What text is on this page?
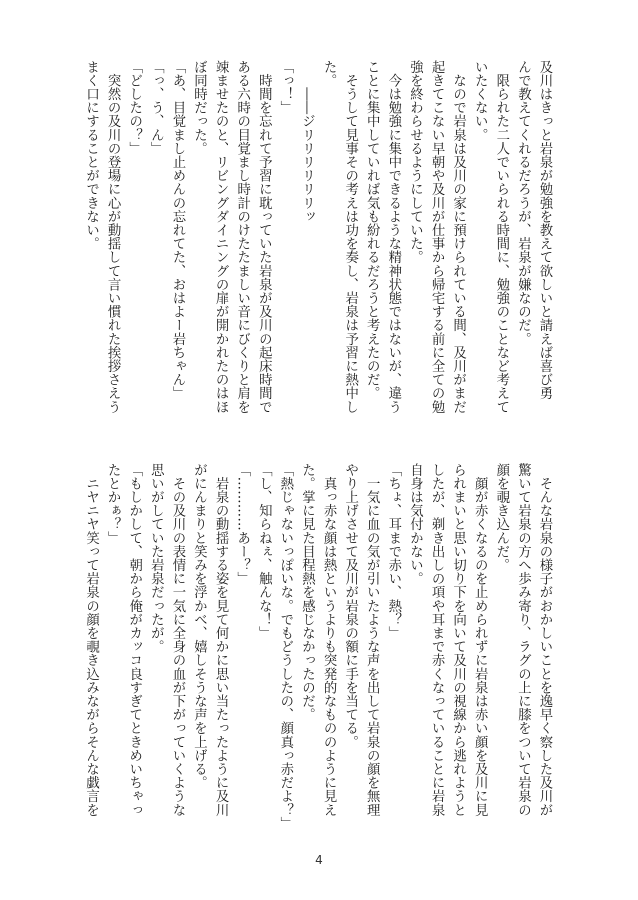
及川はきっと岩泉が勉強を教えて欲しいと請えば喜び勇

んで教えてくれるだろうが、岩泉が嫌なのだ。

　限られた二人でいられる時間に、勉強のことなど考えて

いたくない。

　なので岩泉は及川の家に預けられている間、及川がまだ

起きてこない早朝や及川が仕事から帰宅する前に全ての勉

強を終わらせるようにしていた。

　今は勉強に集中できるような精神状態ではないが、違う

ことに集中していれば気も紛れるだろうと考えたのだ。

　そうして見事その考えは功を奏し、岩泉は予習に熱中し

た。

　　――ジリリリリリリッ

「っ！」

　時間を忘れて予習に耽っていた岩泉が及川の起床時間で

ある六時の目覚まし時計のけたたましい音にびくりと肩を

竦ませたのと、リビングダイニングの扉が開かれたのはほ

ぼ同時だった。

「あ、目覚まし止めんの忘れてた、おはよー岩ちゃん」

「っ、う、ん」

「どしたの？」

　突然の及川の登場に心が動揺して言い慣れた挨拶さえう

まく口にすることができない。

　そんな岩泉の様子がおかしいことを逸早く察した及川が

驚いて岩泉の方へ歩み寄り、ラグの上に膝をついて岩泉の

顔を覗き込んだ。

　顔が赤くなるのを止められずに岩泉は赤い顔を及川に見

られまいと思い切り下を向いて及川の視線から逃れようと

したが、剃き出しの項や耳まで赤くなっていることに岩泉

自身は気付かない。

「ちょ、耳まで赤い、熱？」

　一気に血の気が引いたような声を出して岩泉の顔を無理

やり上げさせて及川が岩泉の額に手を当てる。

　真っ赤な顔は熱というよりも突発的なもののように見え

た。掌に見た目程熱を感じなかったのだ。

「熱じゃないっぽいな。でもどうしたの、顔真っ赤だよ？」

「し、知らねぇ、触んな！」

「…………あー？」

　岩泉の動揺する姿を見て何かに思い当たったように及川

がにんまりと笑みを浮かべ、嬉しそうな声を上げる。

　その及川の表情に一気に全身の血が下がっていくような

思いがしていた岩泉だったが。

「もしかして、朝から俺がカッコ良すぎてときめいちゃっ

たとかぁ？」

　ニヤニヤ笑って岩泉の顔を覗き込みながらそんな戯言を

4
